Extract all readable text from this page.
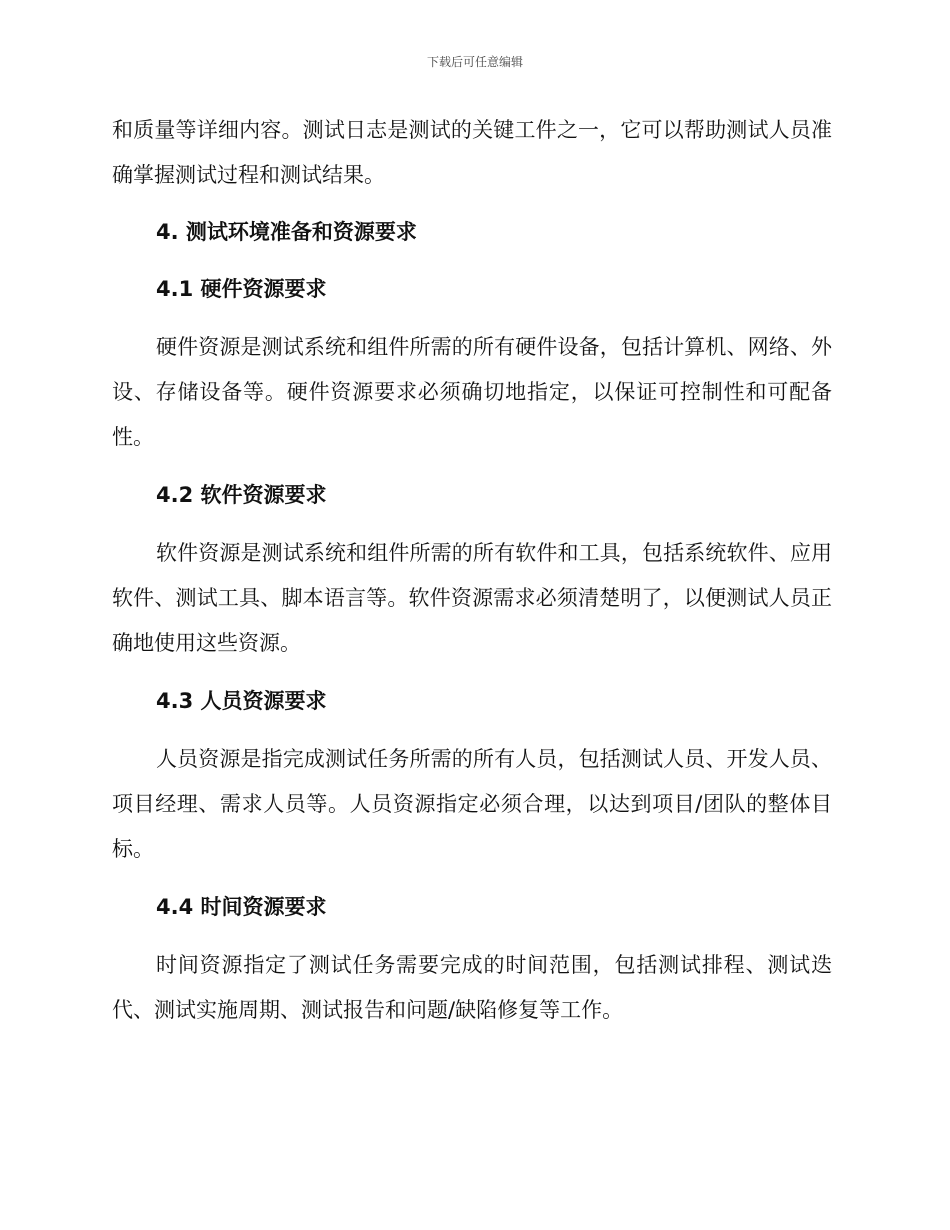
下载后可任意编辑

和质量等详细内容。测试日志是测试的关键工件之一，它可以帮助测试人员准确掌握测试过程和测试结果。

4. 测试环境准备和资源要求

4.1 硬件资源要求

硬件资源是测试系统和组件所需的所有硬件设备，包括计算机、网络、外设、存储设备等。硬件资源要求必须确切地指定，以保证可控制性和可配备性。

4.2 软件资源要求

软件资源是测试系统和组件所需的所有软件和工具，包括系统软件、应用软件、测试工具、脚本语言等。软件资源需求必须清楚明了，以便测试人员正确地使用这些资源。

4.3 人员资源要求

人员资源是指完成测试任务所需的所有人员，包括测试人员、开发人员、项目经理、需求人员等。人员资源指定必须合理，以达到项目/团队的整体目标。

4.4 时间资源要求

时间资源指定了测试任务需要完成的时间范围，包括测试排程、测试迭代、测试实施周期、测试报告和问题/缺陷修复等工作。
